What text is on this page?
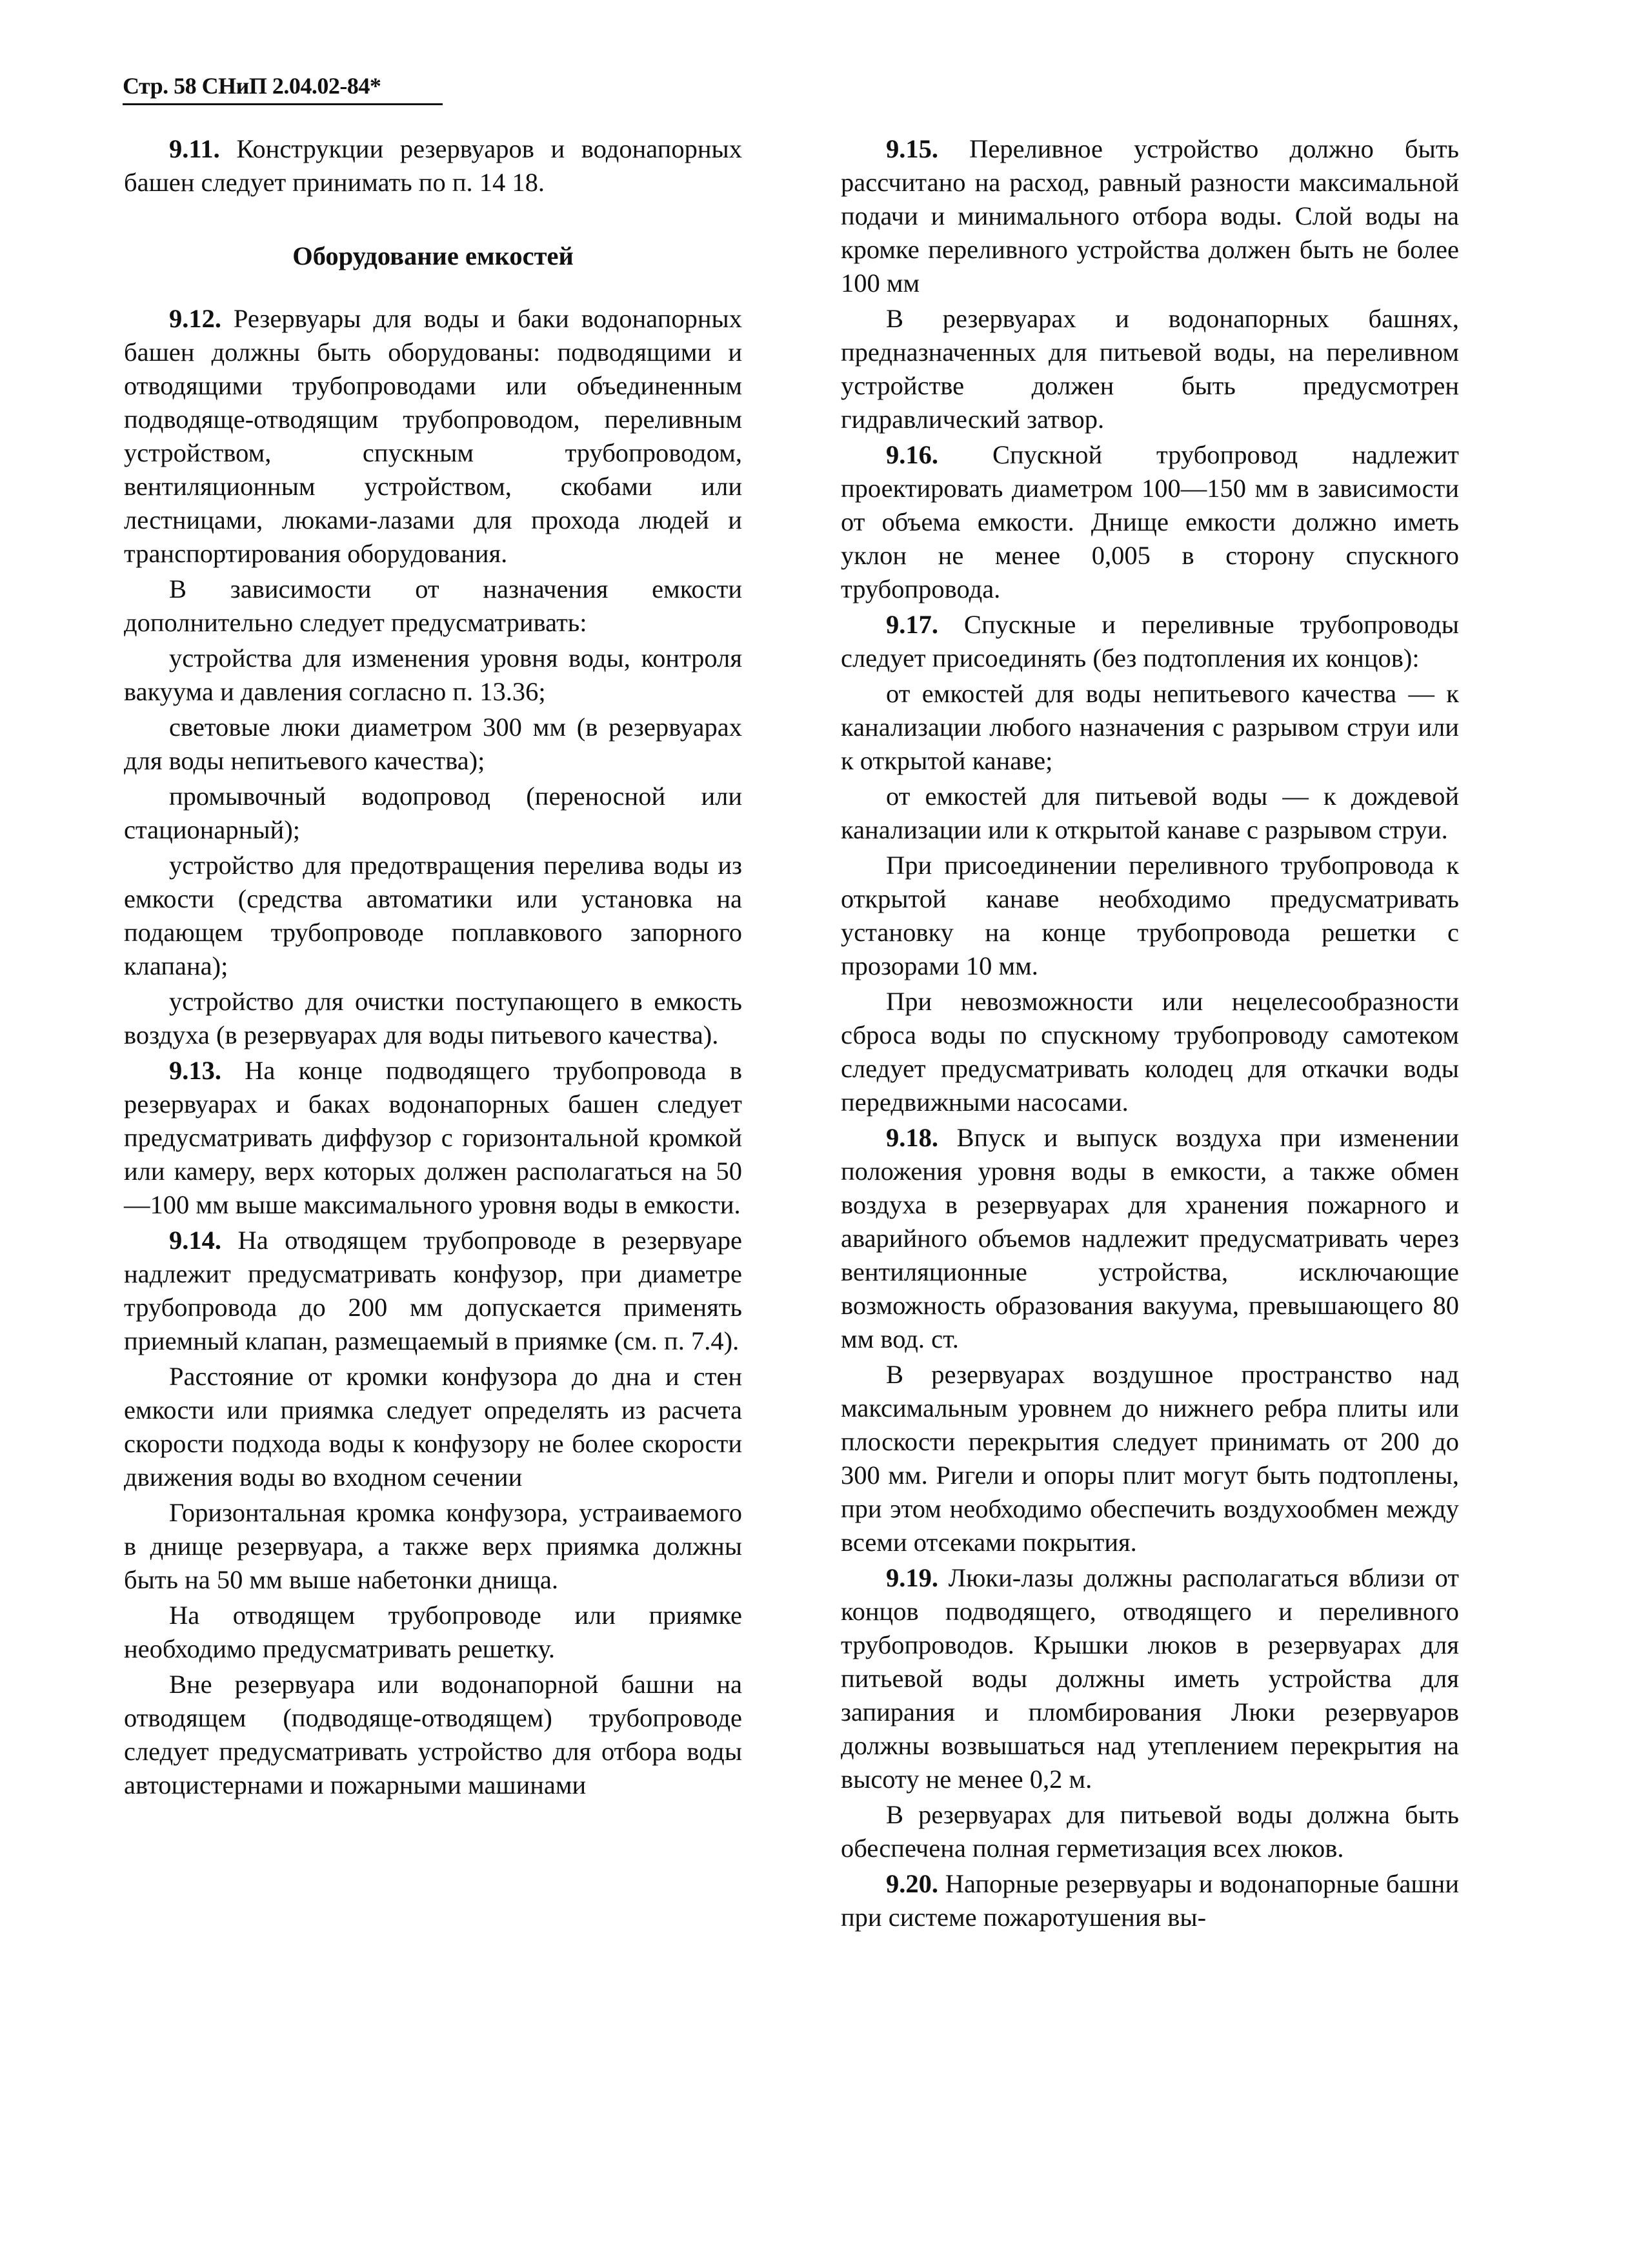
Стр. 58 СНиП 2.04.02-84*

9.11. Конструкции резервуаров и водонапорных башен следует принимать по п. 14 18.

Оборудование емкостей

9.12. Резервуары для воды и баки водонапорных башен должны быть оборудованы: подводящими и отводящими трубопроводами или объединенным подводяще-отводящим трубопроводом, переливным устройством, спускным трубопроводом, вентиляционным устройством, скобами или лестницами, люками-лазами для прохода людей и транспортирования оборудования.

В зависимости от назначения емкости дополнительно следует предусматривать:

устройства для изменения уровня воды, контроля вакуума и давления согласно п. 13.36;

световые люки диаметром 300 мм (в резервуарах для воды непитьевого качества);

промывочный водопровод (переносной или стационарный);

устройство для предотвращения перелива воды из емкости (средства автоматики или установка на подающем трубопроводе поплавкового запорного клапана);

устройство для очистки поступающего в емкость воздуха (в резервуарах для воды питьевого качества).

9.13. На конце подводящего трубопровода в резервуарах и баках водонапорных башен следует предусматривать диффузор с горизонтальной кромкой или камеру, верх которых должен располагаться на 50—100 мм выше максимального уровня воды в емкости.

9.14. На отводящем трубопроводе в резервуаре надлежит предусматривать конфузор, при диаметре трубопровода до 200 мм допускается применять приемный клапан, размещаемый в приямке (см. п. 7.4).

Расстояние от кромки конфузора до дна и стен емкости или приямка следует определять из расчета скорости подхода воды к конфузору не более скорости движения воды во входном сечении

Горизонтальная кромка конфузора, устраиваемого в днище резервуара, а также верх приямка должны быть на 50 мм выше набетонки днища.

На отводящем трубопроводе или приямке необходимо предусматривать решетку.

Вне резервуара или водонапорной башни на отводящем (подводяще-отводящем) трубопроводе следует предусматривать устройство для отбора воды автоцистернами и пожарными машинами

9.15. Переливное устройство должно быть рассчитано на расход, равный разности максимальной подачи и минимального отбора воды. Слой воды на кромке переливного устройства должен быть не более 100 мм

В резервуарах и водонапорных башнях, предназначенных для питьевой воды, на переливном устройстве должен быть предусмотрен гидравлический затвор.

9.16. Спускной трубопровод надлежит проектировать диаметром 100—150 мм в зависимости от объема емкости. Днище емкости должно иметь уклон не менее 0,005 в сторону спускного трубопровода.

9.17. Спускные и переливные трубопроводы следует присоединять (без подтопления их концов):

от емкостей для воды непитьевого качества — к канализации любого назначения с разрывом струи или к открытой канаве;

от емкостей для питьевой воды — к дождевой канализации или к открытой канаве с разрывом струи.

При присоединении переливного трубопровода к открытой канаве необходимо предусматривать установку на конце трубопровода решетки с прозорами 10 мм.

При невозможности или нецелесообразности сброса воды по спускному трубопроводу самотеком следует предусматривать колодец для откачки воды передвижными насосами.

9.18. Впуск и выпуск воздуха при изменении положения уровня воды в емкости, а также обмен воздуха в резервуарах для хранения пожарного и аварийного объемов надлежит предусматривать через вентиляционные устройства, исключающие возможность образования вакуума, превышающего 80 мм вод. ст.

В резервуарах воздушное пространство над максимальным уровнем до нижнего ребра плиты или плоскости перекрытия следует принимать от 200 до 300 мм. Ригели и опоры плит могут быть подтоплены, при этом необходимо обеспечить воздухообмен между всеми отсеками покрытия.

9.19. Люки-лазы должны располагаться вблизи от концов подводящего, отводящего и переливного трубопроводов. Крышки люков в резервуарах для питьевой воды должны иметь устройства для запирания и пломбирования Люки резервуаров должны возвышаться над утеплением перекрытия на высоту не менее 0,2 м.

В резервуарах для питьевой воды должна быть обеспечена полная герметизация всех люков.

9.20. Напорные резервуары и водонапорные башни при системе пожаротушения вы-
